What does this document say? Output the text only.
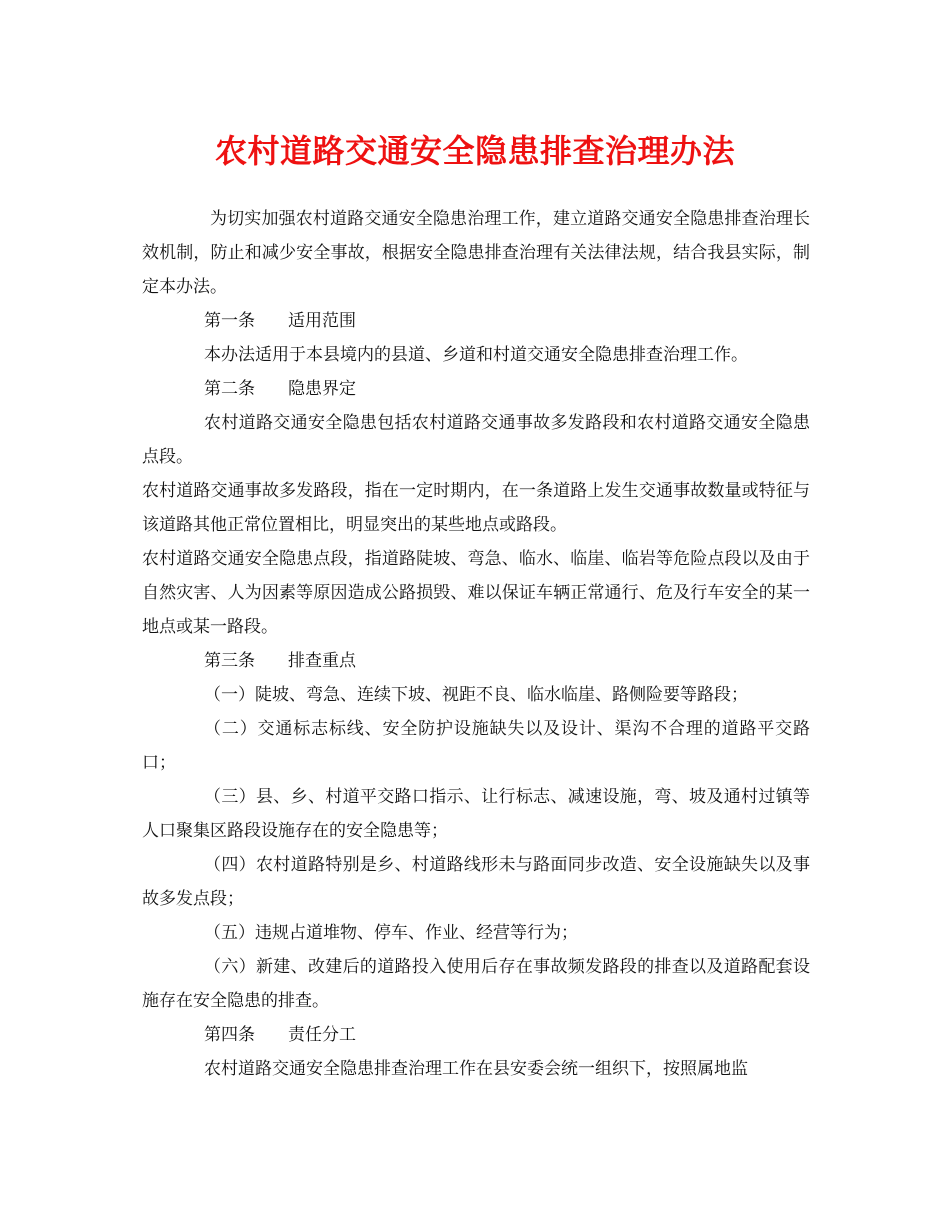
农村道路交通安全隐患排查治理办法

为切实加强农村道路交通安全隐患治理工作，建立道路交通安全隐患排查治理长效机制，防止和减少安全事故，根据安全隐患排查治理有关法律法规，结合我县实际，制定本办法。

第一条 适用范围

本办法适用于本县境内的县道、乡道和村道交通安全隐患排查治理工作。

第二条 隐患界定

农村道路交通安全隐患包括农村道路交通事故多发路段和农村道路交通安全隐患点段。

农村道路交通事故多发路段，指在一定时期内，在一条道路上发生交通事故数量或特征与该道路其他正常位置相比，明显突出的某些地点或路段。

农村道路交通安全隐患点段，指道路陡坡、弯急、临水、临崖、临岩等危险点段以及由于自然灾害、人为因素等原因造成公路损毁、难以保证车辆正常通行、危及行车安全的某一地点或某一路段。

第三条 排查重点

（一）陡坡、弯急、连续下坡、视距不良、临水临崖、路侧险要等路段；

（二）交通标志标线、安全防护设施缺失以及设计、渠沟不合理的道路平交路口；

（三）县、乡、村道平交路口指示、让行标志、减速设施，弯、坡及通村过镇等人口聚集区路段设施存在的安全隐患等；

（四）农村道路特别是乡、村道路线形未与路面同步改造、安全设施缺失以及事故多发点段；

（五）违规占道堆物、停车、作业、经营等行为；

（六）新建、改建后的道路投入使用后存在事故频发路段的排查以及道路配套设施存在安全隐患的排查。

第四条 责任分工

农村道路交通安全隐患排查治理工作在县安委会统一组织下，按照属地监
